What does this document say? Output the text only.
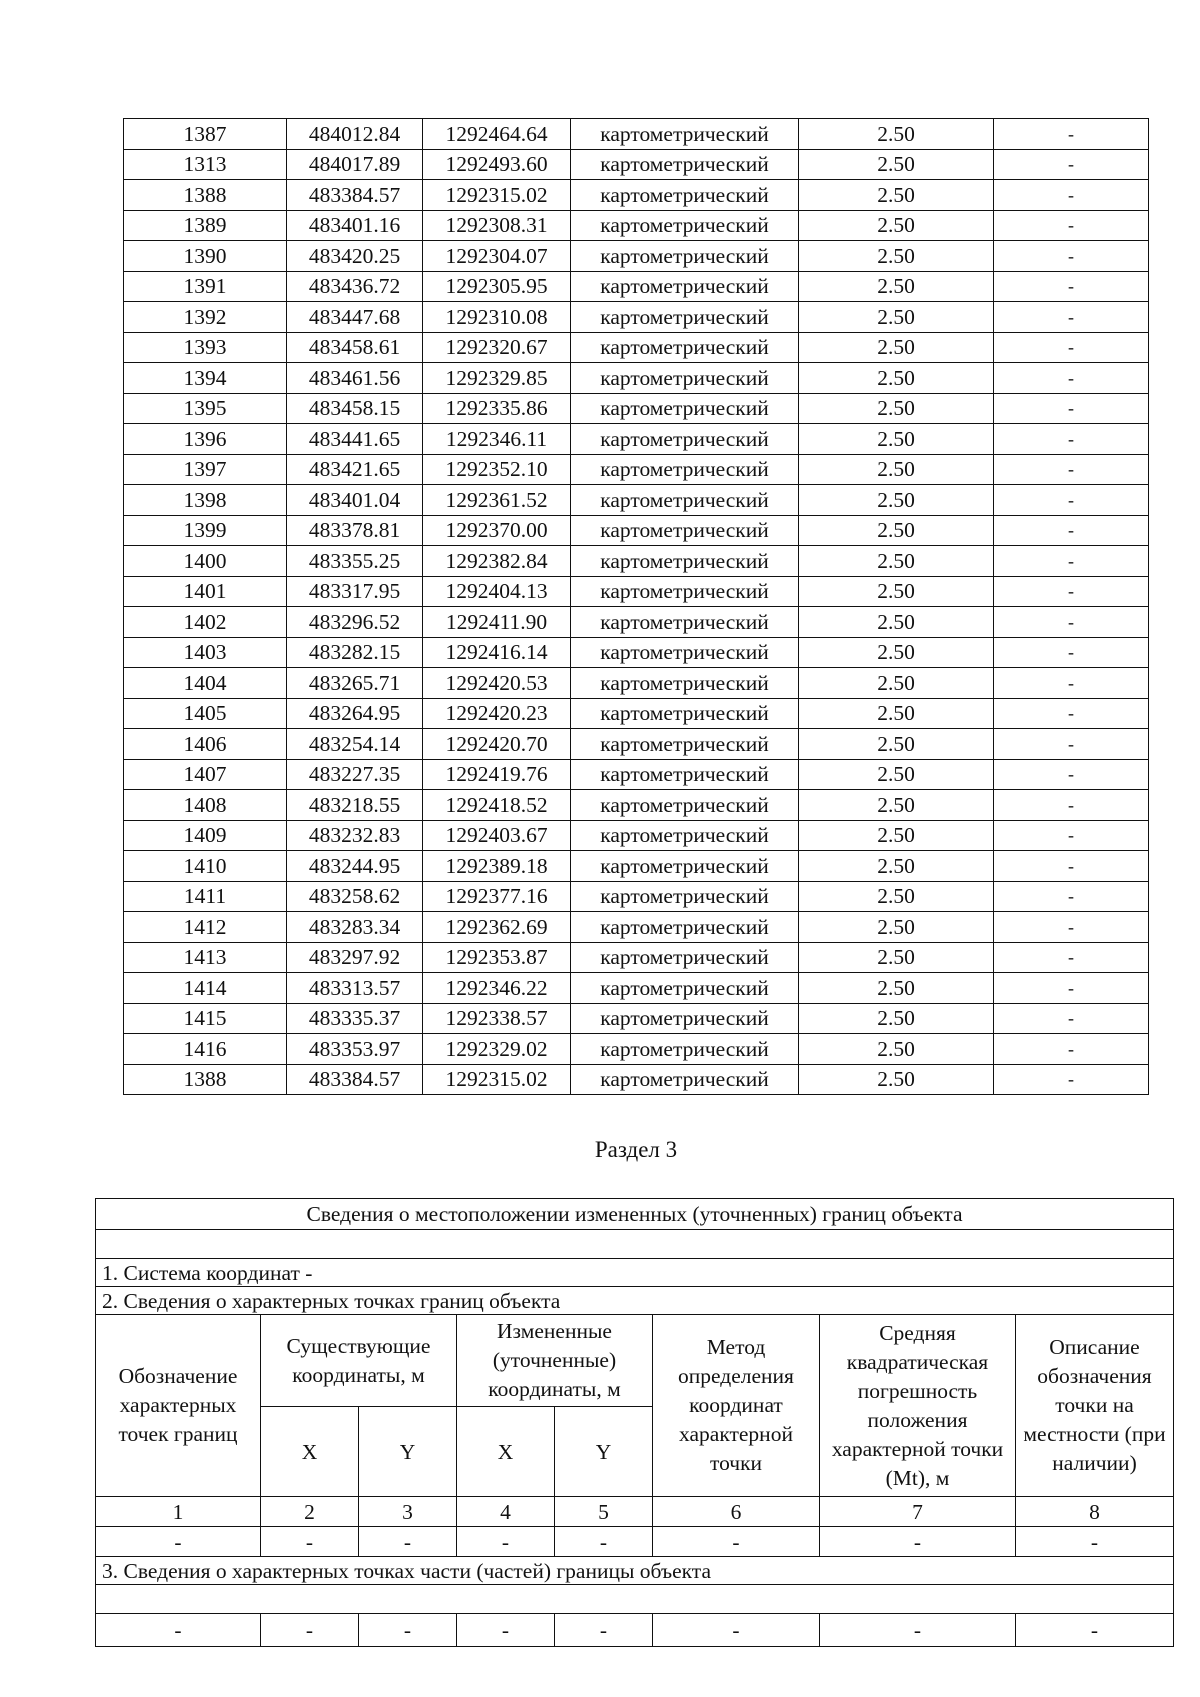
1387	484012.84	1292464.64	картометрический	2.50	-
1313	484017.89	1292493.60	картометрический	2.50	-
1388	483384.57	1292315.02	картометрический	2.50	-
1389	483401.16	1292308.31	картометрический	2.50	-
1390	483420.25	1292304.07	картометрический	2.50	-
1391	483436.72	1292305.95	картометрический	2.50	-
1392	483447.68	1292310.08	картометрический	2.50	-
1393	483458.61	1292320.67	картометрический	2.50	-
1394	483461.56	1292329.85	картометрический	2.50	-
1395	483458.15	1292335.86	картометрический	2.50	-
1396	483441.65	1292346.11	картометрический	2.50	-
1397	483421.65	1292352.10	картометрический	2.50	-
1398	483401.04	1292361.52	картометрический	2.50	-
1399	483378.81	1292370.00	картометрический	2.50	-
1400	483355.25	1292382.84	картометрический	2.50	-
1401	483317.95	1292404.13	картометрический	2.50	-
1402	483296.52	1292411.90	картометрический	2.50	-
1403	483282.15	1292416.14	картометрический	2.50	-
1404	483265.71	1292420.53	картометрический	2.50	-
1405	483264.95	1292420.23	картометрический	2.50	-
1406	483254.14	1292420.70	картометрический	2.50	-
1407	483227.35	1292419.76	картометрический	2.50	-
1408	483218.55	1292418.52	картометрический	2.50	-
1409	483232.83	1292403.67	картометрический	2.50	-
1410	483244.95	1292389.18	картометрический	2.50	-
1411	483258.62	1292377.16	картометрический	2.50	-
1412	483283.34	1292362.69	картометрический	2.50	-
1413	483297.92	1292353.87	картометрический	2.50	-
1414	483313.57	1292346.22	картометрический	2.50	-
1415	483335.37	1292338.57	картометрический	2.50	-
1416	483353.97	1292329.02	картометрический	2.50	-
1388	483384.57	1292315.02	картометрический	2.50	-
Раздел 3
Сведения о местоположении измененных (уточненных) границ объекта							

1. Система координат -							
2. Сведения о характерных точках границ объекта							
Обозначение характерных точек границ	Существующие координаты, м		Измененные (уточненные) координаты, м		Метод определения координат характерной точки	Средняя квадратическая погрешность положения характерной точки (Mt), м	Описание обозначения точки на местности (при наличии)
	X	Y	X	Y			
1	2	3	4	5	6	7	8
-	-	-	-	-	-	-	-
3. Сведения о характерных точках части (частей) границы объекта							

-	-	-	-	-	-	-	-
